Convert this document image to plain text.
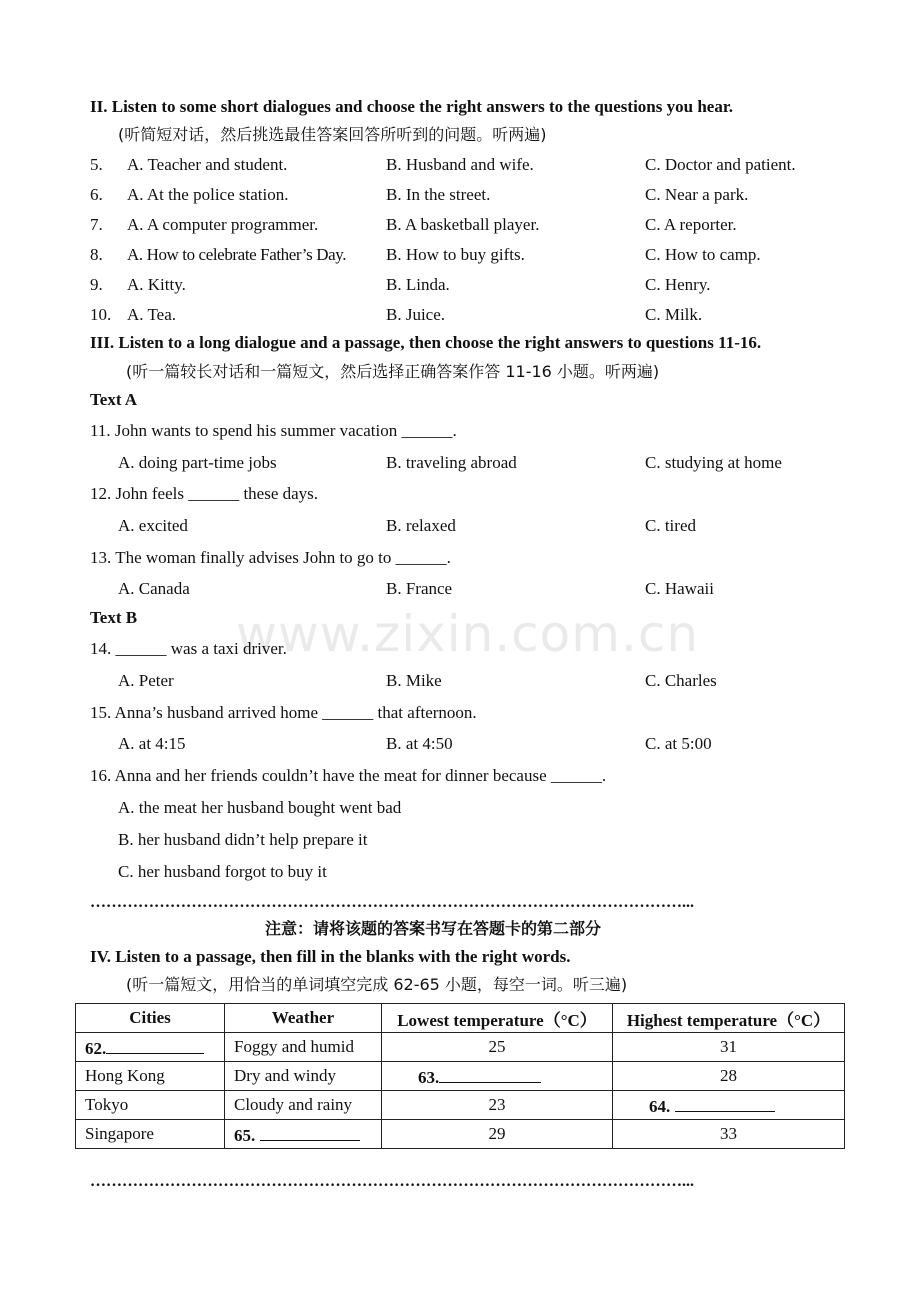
www.zixin.com.cn
II. Listen to some short dialogues and choose the right answers to the questions you hear.
(听简短对话，然后挑选最佳答案回答所听到的问题。听两遍)
5. A. Teacher and student.	B. Husband and wife.	C. Doctor and patient.
6. A. At the police station.	B. In the street.	C. Near a park.
7. A. A computer programmer.	B. A basketball player.	C. A reporter.
8. A. How to celebrate Father’s Day. B. How to buy gifts.	C. How to camp.
9. A. Kitty.	B. Linda.	C. Henry.
10. A. Tea.	B. Juice.	C. Milk.
III. Listen to a long dialogue and a passage, then choose the right answers to questions 11-16.
(听一篇较长对话和一篇短文，然后选择正确答案作答 11-16 小题。听两遍)
Text A
11. John wants to spend his summer vacation ______.
A. doing part-time jobs	B. traveling abroad	C. studying at home
12. John feels ______ these days.
A. excited	B. relaxed	C. tired
13. The woman finally advises John to go to ______.
A. Canada	B. France	C. Hawaii
Text B
14. ______ was a taxi driver.
A. Peter	B. Mike	C. Charles
15. Anna’s husband arrived home ______ that afternoon.
A. at 4:15	B. at 4:50	C. at 5:00
16. Anna and her friends couldn’t have the meat for dinner because ______.
A. the meat her husband bought went bad
B. her husband didn’t help prepare it
C. her husband forgot to buy it
…………………………………………………………………………………………………...
注意：请将该题的答案书写在答题卡的第二部分
IV. Listen to a passage, then fill in the blanks with the right words.
(听一篇短文，用恰当的单词填空完成 62-65 小题，每空一词。听三遍)
Cities	Weather	Lowest temperature（°C）	Highest temperature（°C）
62.	Foggy and humid	25	31
Hong Kong	Dry and windy	63.	28
Tokyo	Cloudy and rainy	23	64.
Singapore	65.	29	33
…………………………………………………………………………………………………...
